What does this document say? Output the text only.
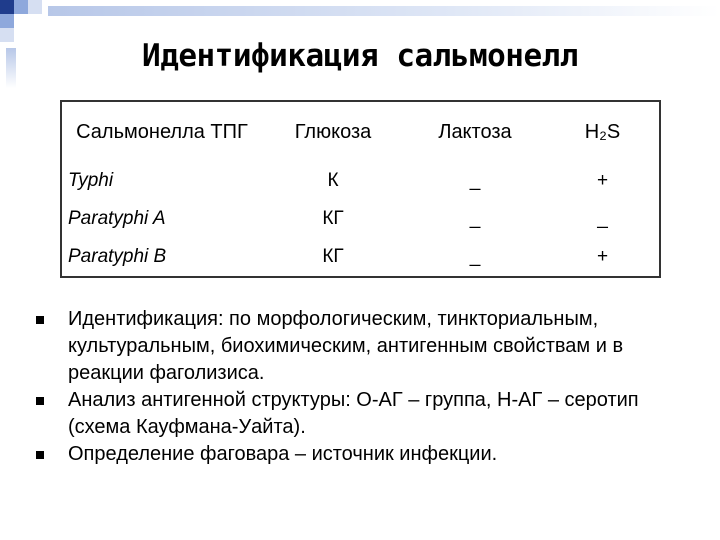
Идентификация сальмонелл
Сальмонелла ТПГ	Глюкоза	Лактоза	H₂S
Typhi	К	_	+
Paratyphi A	КГ	_	_
Paratyphi B	КГ	_	+
Идентификация: по морфологическим, тинкториальным, культуральным, биохимическим, антигенным свойствам и в реакции фаголизиса.
Анализ антигенной структуры: О-АГ – группа, Н-АГ – серотип (схема Кауфмана-Уайта).
Определение фаговара – источник инфекции.
